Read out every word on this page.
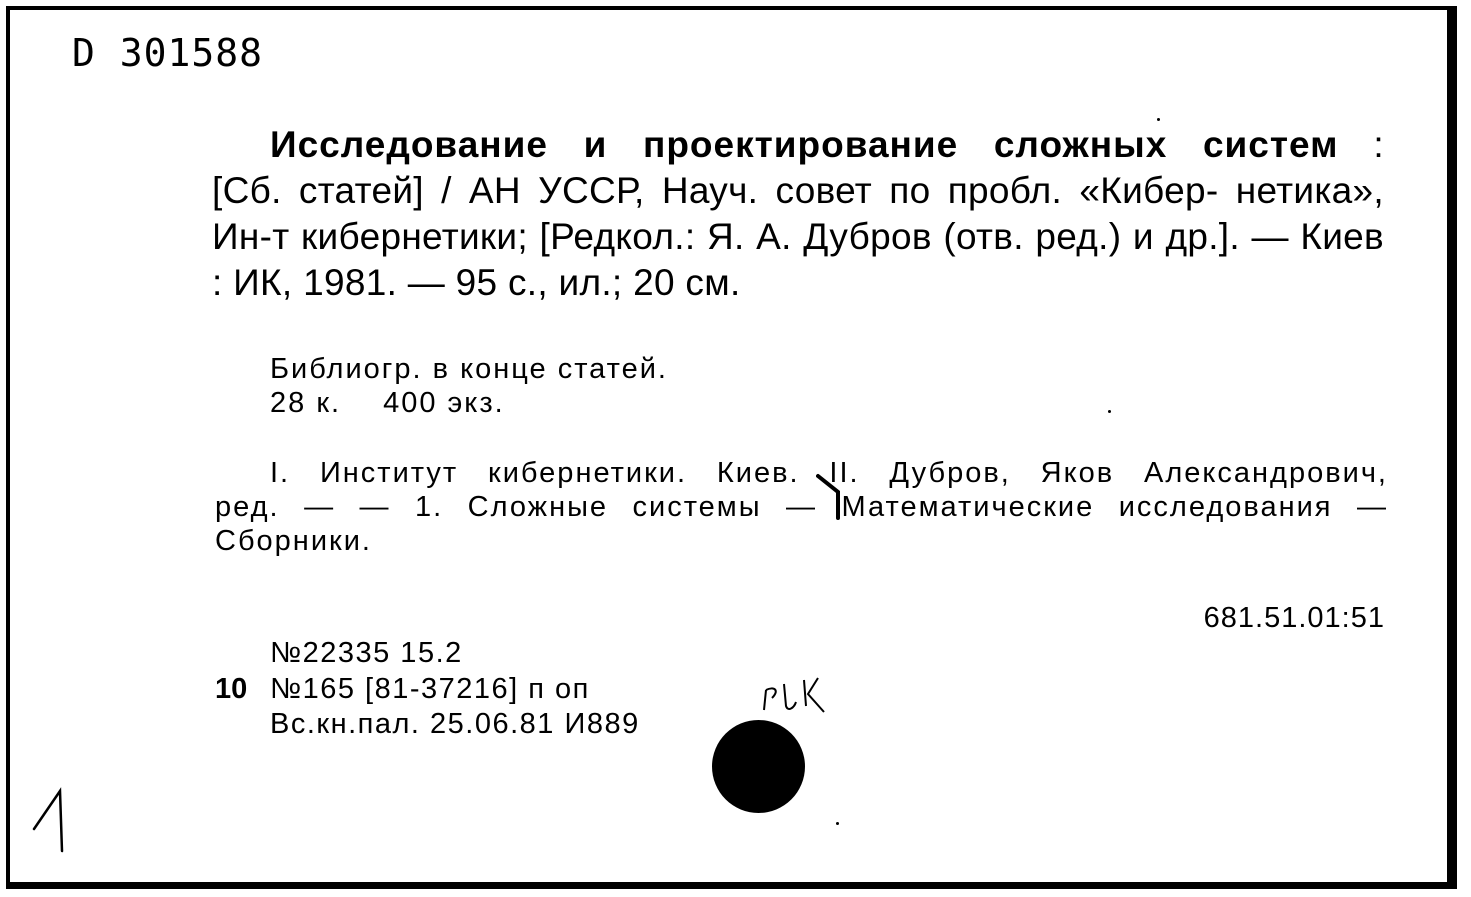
D 301588
Исследование и проектирование сложных систем :
[Сб. статей] / АН УССР, Науч. совет по пробл. «Кибер- нетика», Ин-т кибернетики; [Редкол.: Я. А. Дубров (отв. ред.) и др.]. — Киев : ИК, 1981. — 95 с., ил.; 20 см.
Библиогр. в конце статей.
28 к. 400 экз.
I. Институт кибернетики. Киев. II. Дубров, Яков Александрович,
ред. — — 1. Сложные системы — Математические исследования —
Сборники.
681.51.01:51
№22335 15.2
10 №165 [81-37216] п оп
Вс.кн.пал. 25.06.81 И889
